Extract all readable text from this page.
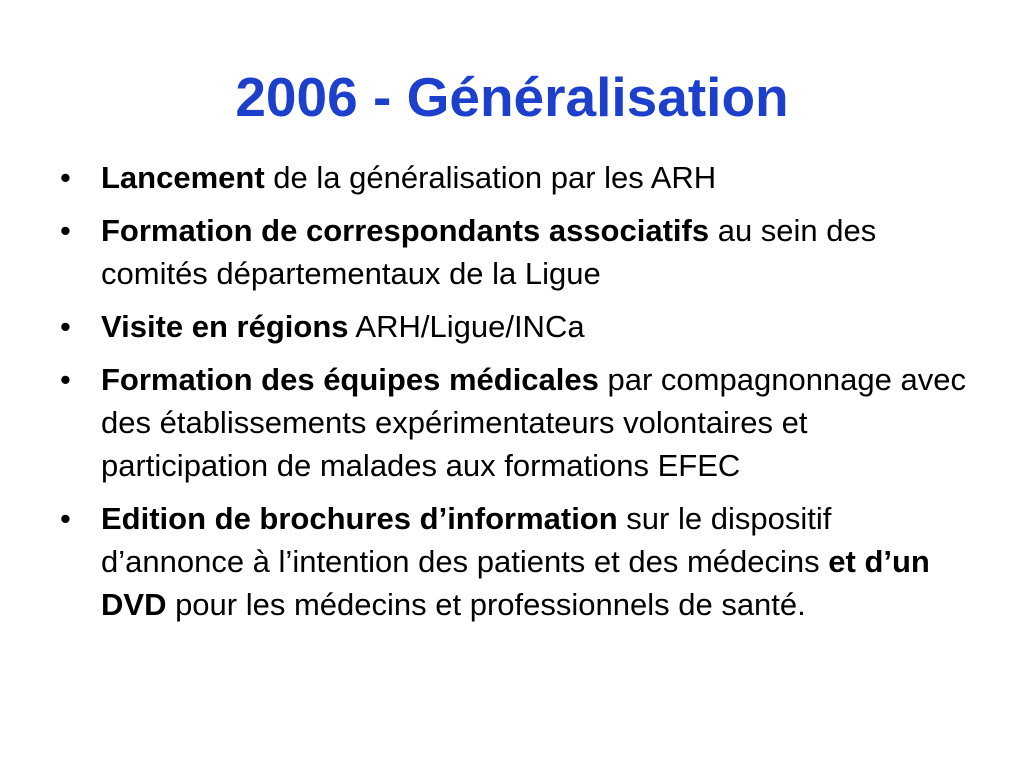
2006 - Généralisation
• Lancement de la généralisation par les ARH
• Formation de correspondants associatifs au sein des comités départementaux de la Ligue
• Visite en régions ARH/Ligue/INCa
• Formation des équipes médicales par compagnonnage avec des établissements expérimentateurs volontaires et participation de malades aux formations EFEC
• Edition de brochures d’information sur le dispositif d’annonce à l’intention des patients et des médecins et d’un DVD pour les médecins et professionnels de santé.
